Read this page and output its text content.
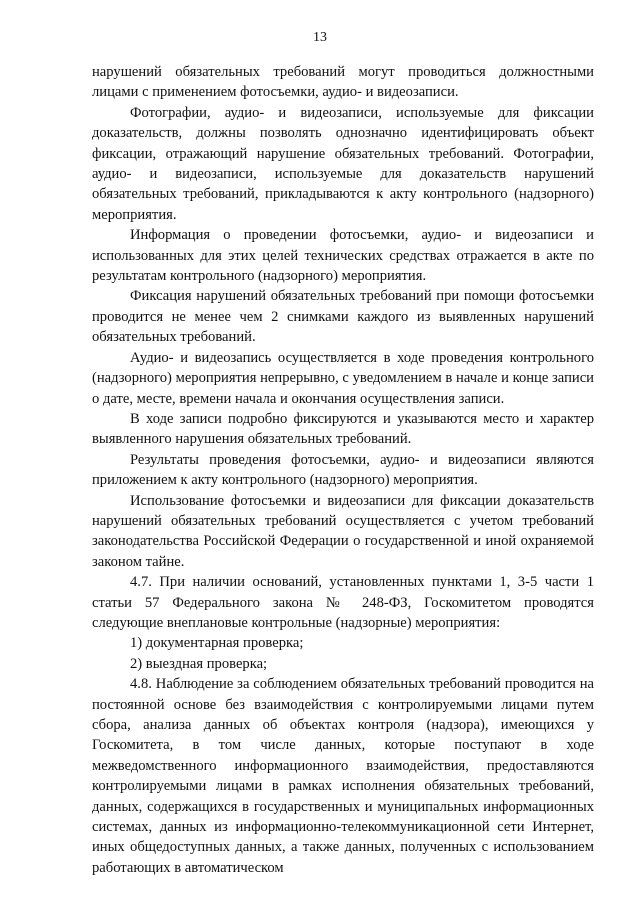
13

нарушений обязательных требований могут проводиться должностными лицами с применением фотосъемки, аудио- и видеозаписи.

Фотографии, аудио- и видеозаписи, используемые для фиксации доказательств, должны позволять однозначно идентифицировать объект фиксации, отражающий нарушение обязательных требований. Фотографии, аудио- и видеозаписи, используемые для доказательств нарушений обязательных требований, прикладываются к акту контрольного (надзорного) мероприятия.

Информация о проведении фотосъемки, аудио- и видеозаписи и использованных для этих целей технических средствах отражается в акте по результатам контрольного (надзорного) мероприятия.

Фиксация нарушений обязательных требований при помощи фотосъемки проводится не менее чем 2 снимками каждого из выявленных нарушений обязательных требований.

Аудио- и видеозапись осуществляется в ходе проведения контрольного (надзорного) мероприятия непрерывно, с уведомлением в начале и конце записи о дате, месте, времени начала и окончания осуществления записи.

В ходе записи подробно фиксируются и указываются место и характер выявленного нарушения обязательных требований.

Результаты проведения фотосъемки, аудио- и видеозаписи являются приложением к акту контрольного (надзорного) мероприятия.

Использование фотосъемки и видеозаписи для фиксации доказательств нарушений обязательных требований осуществляется с учетом требований законодательства Российской Федерации о государственной и иной охраняемой законом тайне.

4.7. При наличии оснований, установленных пунктами 1, 3-5 части 1 статьи 57 Федерального закона № 248-ФЗ, Госкомитетом проводятся следующие внеплановые контрольные (надзорные) мероприятия:

1) документарная проверка;

2) выездная проверка;

4.8. Наблюдение за соблюдением обязательных требований проводится на постоянной основе без взаимодействия с контролируемыми лицами путем сбора, анализа данных об объектах контроля (надзора), имеющихся у Госкомитета, в том числе данных, которые поступают в ходе межведомственного информационного взаимодействия, предоставляются контролируемыми лицами в рамках исполнения обязательных требований, данных, содержащихся в государственных и муниципальных информационных системах, данных из информационно-телекоммуникационной сети Интернет, иных общедоступных данных, а также данных, полученных с использованием работающих в автоматическом
